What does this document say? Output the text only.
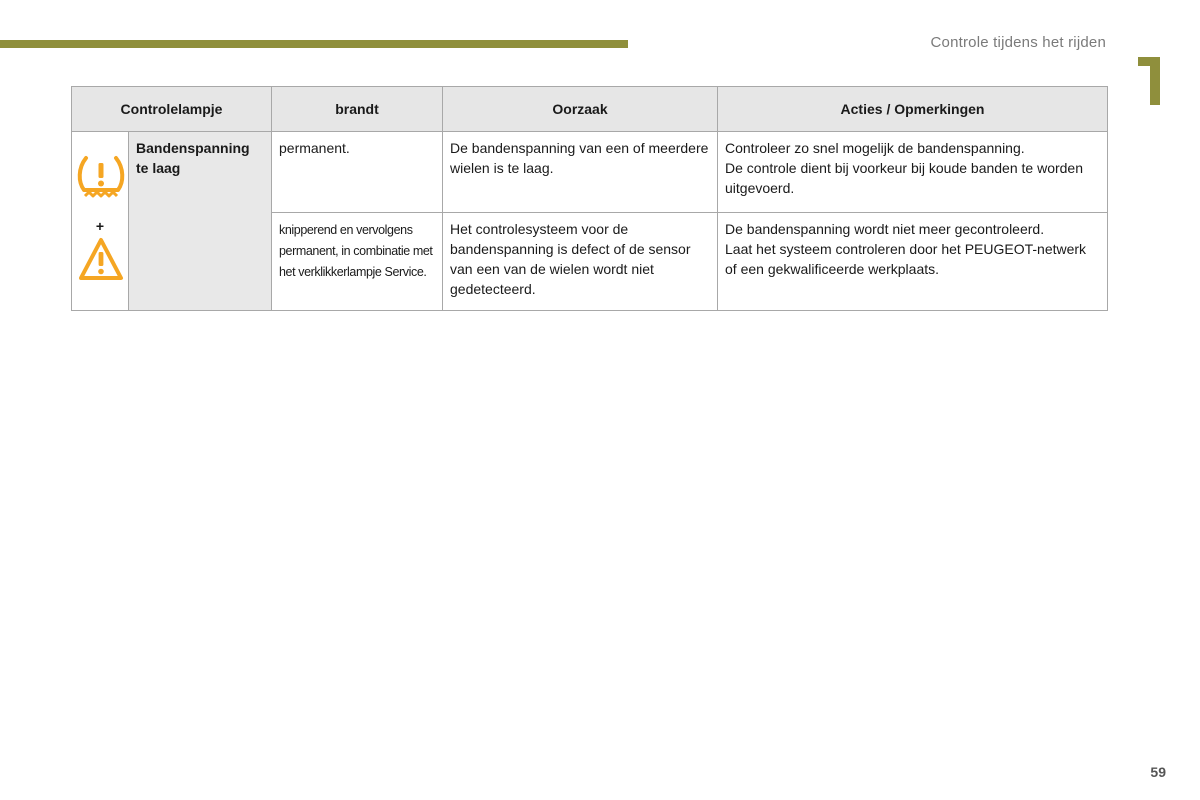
Controle tijdens het rijden
Controlelampje		brandt	Oorzaak	Acties / Opmerkingen

+	Bandenspanning te laag	permanent.	De bandenspanning van een of meerdere wielen is te laag.	Controleer zo snel mogelijk de bandenspanning.
De controle dient bij voorkeur bij koude banden te worden uitgevoerd.

		knipperend en vervolgens permanent, in combinatie met het verklikkerlampje Service.	Het controlesysteem voor de bandenspanning is defect of de sensor van een van de wielen wordt niet gedetecteerd.	De bandenspanning wordt niet meer gecontroleerd.
Laat het systeem controleren door het PEUGEOT-netwerk of een gekwalificeerde werkplaats.
59
